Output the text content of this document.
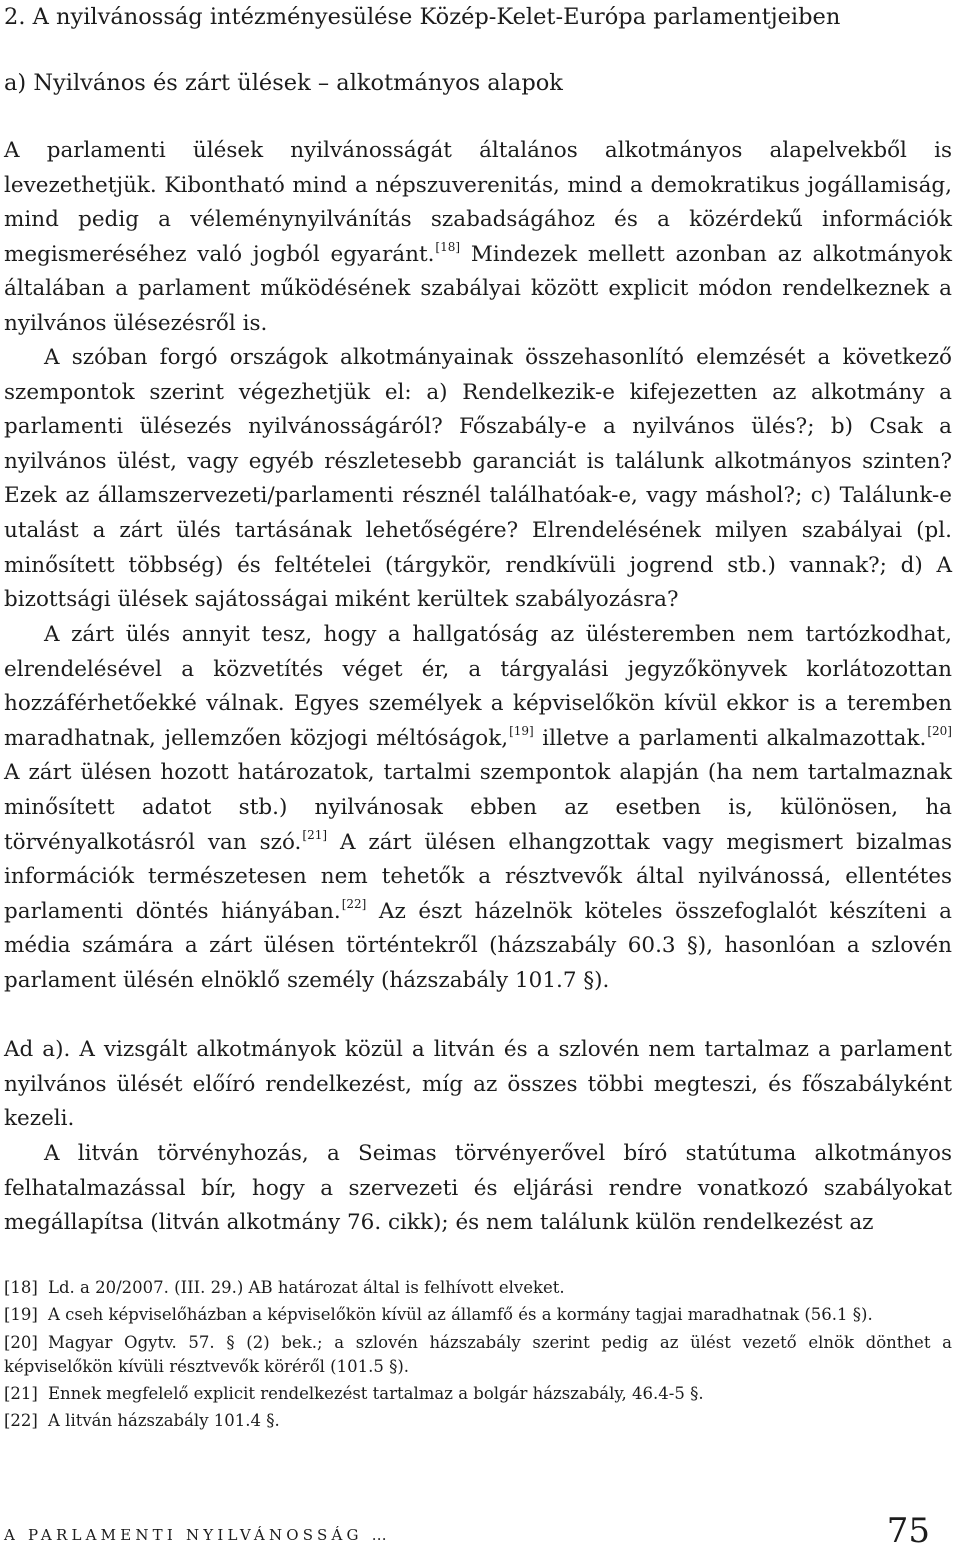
2. A nyilvánosság intézményesülése Közép-Kelet-Európa parlamentjeiben

a) Nyilvános és zárt ülések – alkotmányos alapok

A parlamenti ülések nyilvánosságát általános alkotmányos alapelvekből is levezethetjük. Kibontható mind a népszuverenitás, mind a demokratikus jogállamiság, mind pedig a véleménynyilvánítás szabadságához és a közérdekű információk megismeréséhez való jogból egyaránt.[18] Mindezek mellett azonban az alkotmányok általában a parlament működésének szabályai között explicit módon rendelkeznek a nyilvános ülésezésről is.

A szóban forgó országok alkotmányainak összehasonlító elemzését a következő szempontok szerint végezhetjük el: a) Rendelkezik-e kifejezetten az alkotmány a parlamenti ülésezés nyilvánosságáról? Főszabály-e a nyilvános ülés?; b) Csak a nyilvános ülést, vagy egyéb részletesebb garanciát is találunk alkotmányos szinten? Ezek az államszervezeti/parlamenti résznél találhatóak-e, vagy máshol?; c) Találunk-e utalást a zárt ülés tartásának lehetőségére? Elrendelésének milyen szabályai (pl. minősített többség) és feltételei (tárgykör, rendkívüli jogrend stb.) vannak?; d) A bizottsági ülések sajátosságai miként kerültek szabályozásra?

A zárt ülés annyit tesz, hogy a hallgatóság az ülésteremben nem tartózkodhat, elrendelésével a közvetítés véget ér, a tárgyalási jegyzőkönyvek korlátozottan hozzáférhetőekké válnak. Egyes személyek a képviselőkön kívül ekkor is a teremben maradhatnak, jellemzően közjogi méltóságok,[19] illetve a parlamenti alkalmazottak.[20] A zárt ülésen hozott határozatok, tartalmi szempontok alapján (ha nem tartalmaznak minősített adatot stb.) nyilvánosak ebben az esetben is, különösen, ha törvényalkotásról van szó.[21] A zárt ülésen elhangzottak vagy megismert bizalmas információk természetesen nem tehetők a résztvevők által nyilvánossá, ellentétes parlamenti döntés hiányában.[22] Az észt házelnök köteles összefoglalót készíteni a média számára a zárt ülésen történtekről (házszabály 60.3 §), hasonlóan a szlovén parlament ülésén elnöklő személy (házszabály 101.7 §).

Ad a). A vizsgált alkotmányok közül a litván és a szlovén nem tartalmaz a parlament nyilvános ülését előíró rendelkezést, míg az összes többi megteszi, és főszabályként kezeli.

A litván törvényhozás, a Seimas törvényerővel bíró statútuma alkotmányos felhatalmazással bír, hogy a szervezeti és eljárási rendre vonatkozó szabályokat megállapítsa (litván alkotmány 76. cikk); és nem találunk külön rendelkezést az

[18] Ld. a 20/2007. (III. 29.) AB határozat által is felhívott elveket.

[19] A cseh képviselőházban a képviselőkön kívül az államfő és a kormány tagjai maradhatnak (56.1 §).

[20] Magyar Ogytv. 57. § (2) bek.; a szlovén házszabály szerint pedig az ülést vezető elnök dönthet a képviselőkön kívüli résztvevők köréről (101.5 §).

[21] Ennek megfelelő explicit rendelkezést tartalmaz a bolgár házszabály, 46.4-5 §.

[22] A litván házszabály 101.4 §.

A PARLAMENTI NYILVÁNOSSÁG …	75
